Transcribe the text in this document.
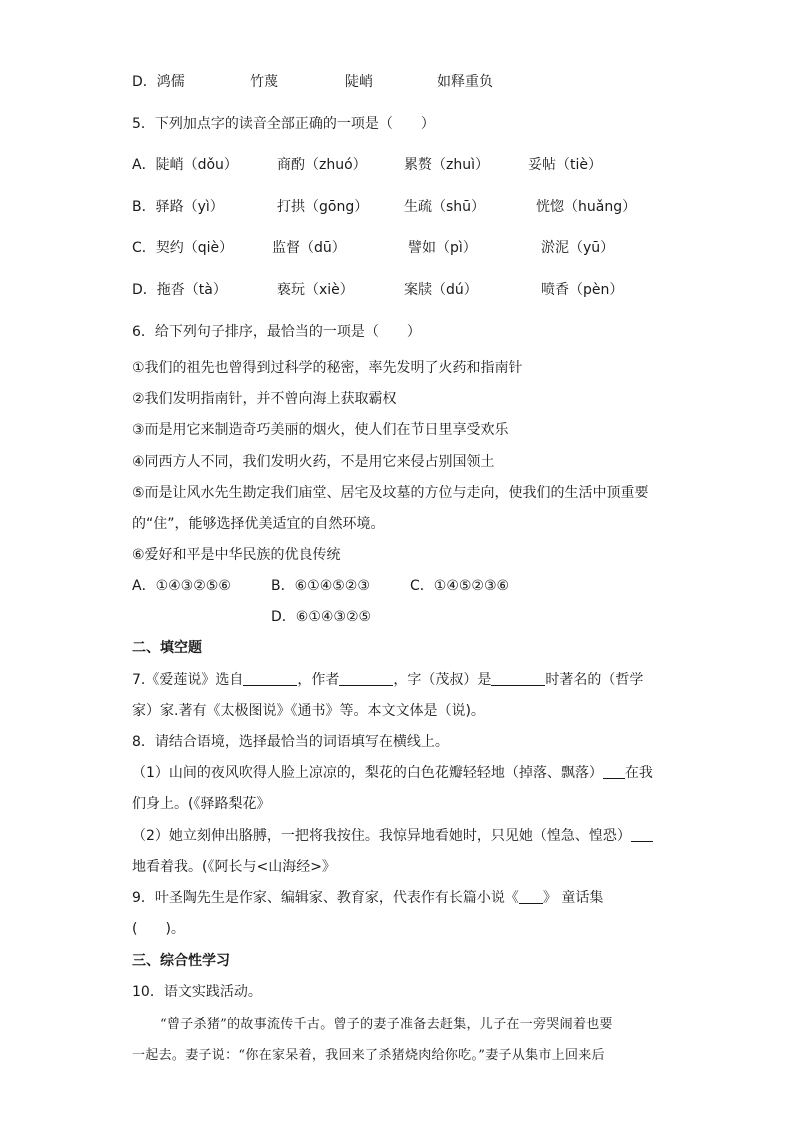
D．鸿儒	竹蔑	陡峭	如释重负
5．下列加点字的读音全部正确的一项是（　　）
A．陡峭（dǒu）	商酌（zhuó）	累赘（zhuì）	妥帖（tiè）
B．驿路（yì）	打拱（gōng）	生疏（shū）	恍惚（huǎng）
C．契约（qiè）	监督（dū）	譬如（pì）	淤泥（yū）
D．拖沓（tà）	亵玩（xiè）	案牍（dú）	喷香（pèn）
6．给下列句子排序，最恰当的一项是（　　）
①我们的祖先也曾得到过科学的秘密，率先发明了火药和指南针
②我们发明指南针，并不曾向海上获取霸权
③而是用它来制造奇巧美丽的烟火，使人们在节日里享受欢乐
④同西方人不同，我们发明火药，不是用它来侵占别国领土
⑤而是让风水先生勘定我们庙堂、居宅及坟墓的方位与走向，使我们的生活中顶重要
的“住”，能够选择优美适宜的自然环境。
⑥爱好和平是中华民族的优良传统
A．①④③②⑤⑥	B．⑥①④⑤②③	C．①④⑤②③⑥
D．⑥①④③②⑤
二、填空题
7.《爱莲说》选自	，作者	，字（茂叔）是	时著名的（哲学
家）家.著有《太极图说》《通书》等。本文文体是（说)。
8．请结合语境，选择最恰当的词语填写在横线上。
（1）山间的夜风吹得人脸上凉凉的，梨花的白色花瓣轻轻地（掉落、飘落） 在我
们身上。(《驿路梨花》
（2）她立刻伸出胳膊，一把将我按住。我惊异地看她时，只见她（惶急、惶恐）
地看着我。(《阿长与<山海经>》
9．叶圣陶先生是作家、编辑家、教育家，代表作有长篇小说《 》 童话集
(　　)。
三、综合性学习
10．语文实践活动。
“曾子杀猪”的故事流传千古。曾子的妻子准备去赶集，儿子在一旁哭闹着也要
一起去。妻子说：“你在家呆着，我回来了杀猪烧肉给你吃。”妻子从集市上回来后
